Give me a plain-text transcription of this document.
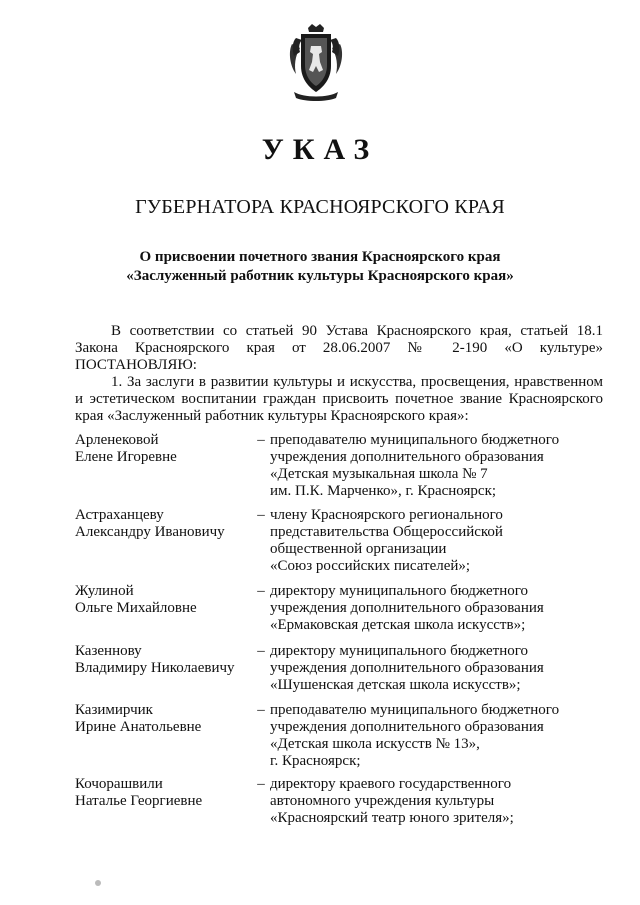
УКАЗ
ГУБЕРНАТОРА КРАСНОЯРСКОГО КРАЯ
О присвоении почетного звания Красноярского края
«Заслуженный работник культуры Красноярского края»
В соответствии со статьей 90 Устава Красноярского края, статьей 18.1 Закона Красноярского края от 28.06.2007 № 2-190 «О культуре» ПОСТАНОВЛЯЮ:
1. За заслуги в развитии культуры и искусства, просвещения, нравственном и эстетическом воспитании граждан присвоить почетное звание Красноярского края «Заслуженный работник культуры Красноярского края»:
Арленековой
Елене Игоревне
– преподавателю муниципального бюджетного
учреждения дополнительного образования
«Детская музыкальная школа № 7
им. П.К. Марченко», г. Красноярск;
Астраханцеву
Александру Ивановичу
– члену Красноярского регионального
представительства Общероссийской
общественной организации
«Союз российских писателей»;
Жулиной
Ольге Михайловне
– директору муниципального бюджетного
учреждения дополнительного образования
«Ермаковская детская школа искусств»;
Казеннову
Владимиру Николаевичу
– директору муниципального бюджетного
учреждения дополнительного образования
«Шушенская детская школа искусств»;
Казимирчик
Ирине Анатольевне
– преподавателю муниципального бюджетного
учреждения дополнительного образования
«Детская школа искусств № 13»,
г. Красноярск;
Кочорашвили
Наталье Георгиевне
– директору краевого государственного
автономного учреждения культуры
«Красноярский театр юного зрителя»;
